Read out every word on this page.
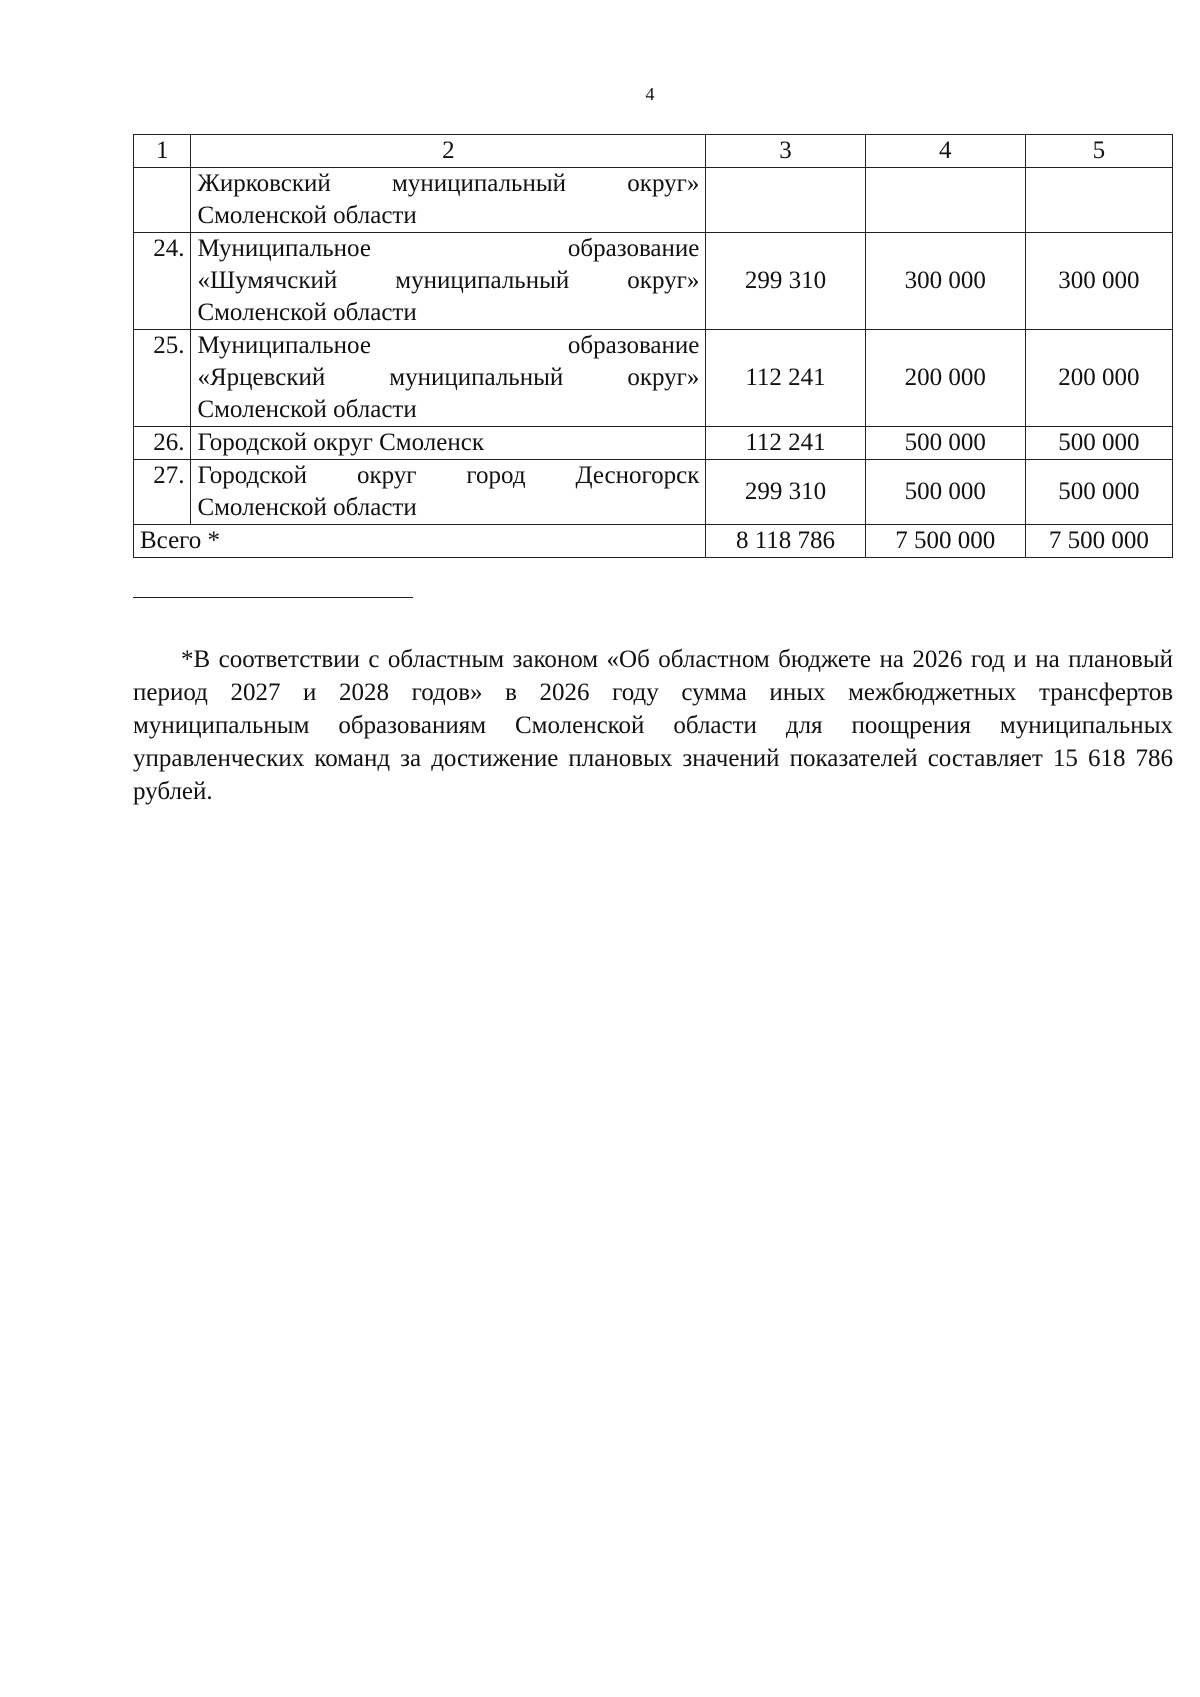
4
1	2	3	4	5

	Жирковский муниципальный округ»
Смоленской области			

24.	Муниципальное образование
«Шумячский муниципальный округ»
Смоленской области	299 310	300 000	300 000
25.	Муниципальное образование
«Ярцевский муниципальный округ»
Смоленской области	112 241	200 000	200 000
26.	Городской округ Смоленск	112 241	500 000	500 000
27.	Городской округ город Десногорск
Смоленской области	299 310	500 000	500 000
Всего *		8 118 786	7 500 000	7 500 000

*В соответствии с областным законом «Об областном бюджете на 2026 год и на плановый период 2027 и 2028 годов» в 2026 году сумма иных межбюджетных трансфертов муниципальным образованиям Смоленской области для поощрения муниципальных управленческих команд за достижение плановых значений показателей составляет 15 618 786 рублей.
